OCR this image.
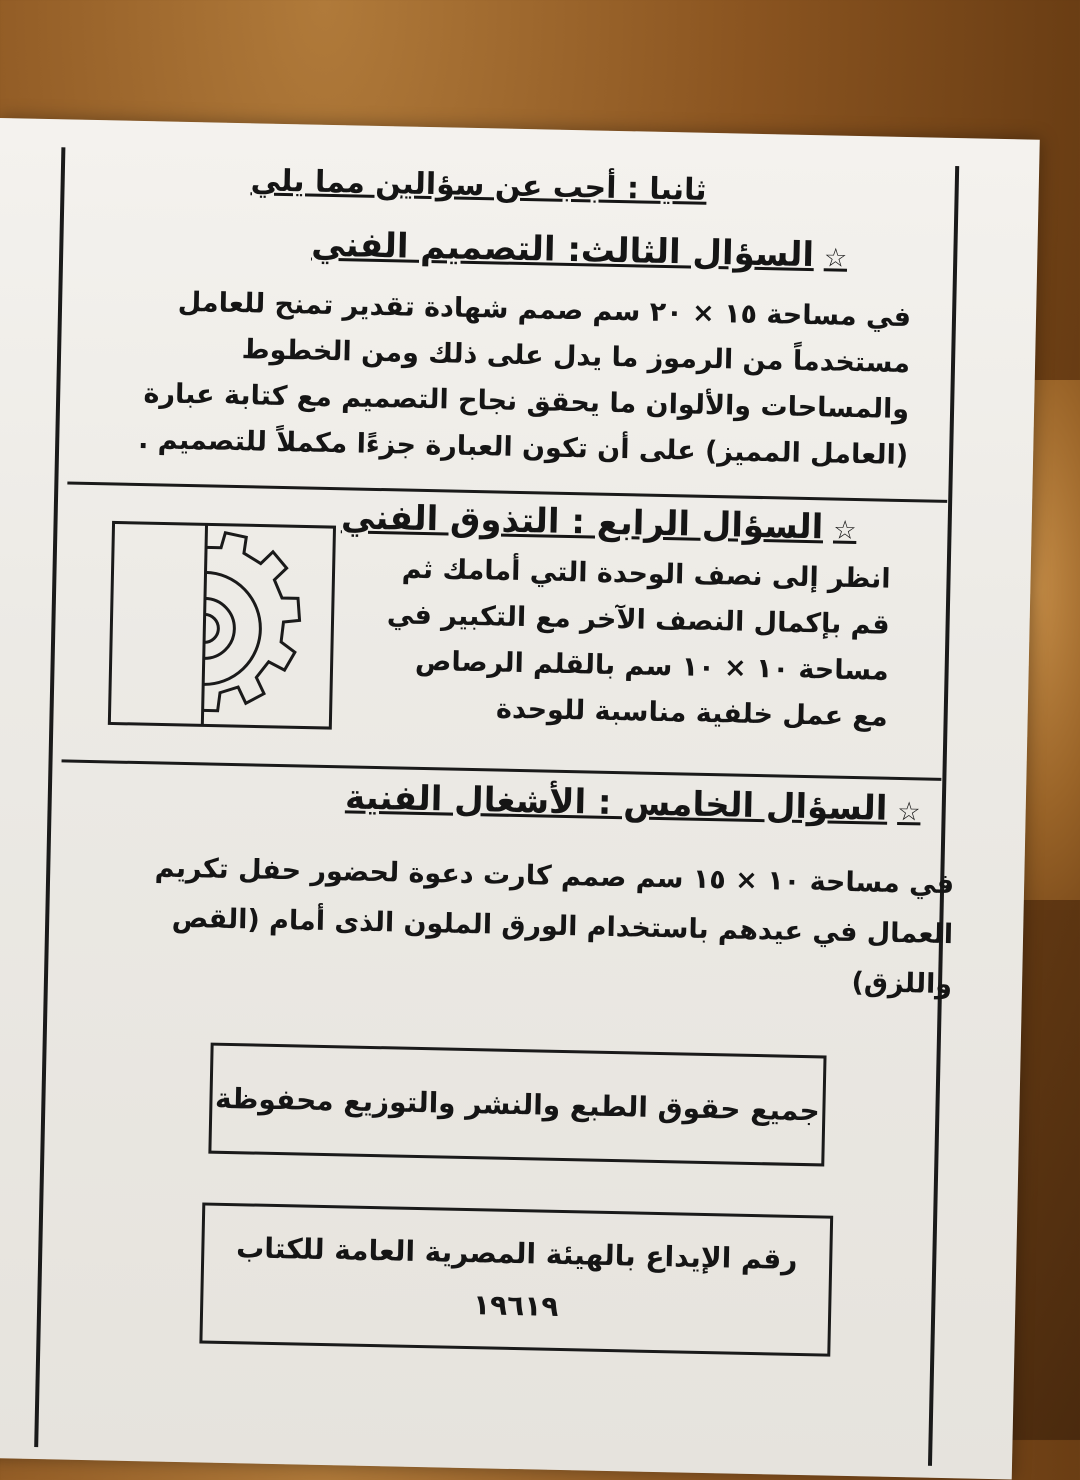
ثانيا : أجب عن سؤالين مما يلي
☆السؤال الثالث: التصميم الفني
في مساحة ١٥ × ٢٠ سم صمم شهادة تقدير تمنح للعامل مستخدماً من الرموز ما يدل على ذلك ومن الخطوط والمساحات والألوان ما يحقق نجاح التصميم مع كتابة عبارة (العامل المميز) على أن تكون العبارة جزءًا مكملاً للتصميم .
☆السؤال الرابع : التذوق الفني
انظر إلى نصف الوحدة التي أمامك ثم قم بإكمال النصف الآخر مع التكبير في مساحة ١٠ × ١٠ سم بالقلم الرصاص مع عمل خلفية مناسبة للوحدة
☆السؤال الخامس : الأشغال الفنية
في مساحة ١٠ × ١٥ سم صمم كارت دعوة لحضور حفل تكريم العمال في عيدهم باستخدام الورق الملون الذى أمام (القص واللزق)
جميع حقوق الطبع والنشر والتوزيع محفوظة
رقم الإيداع بالهيئة المصرية العامة للكتاب
١٩٦١٩
